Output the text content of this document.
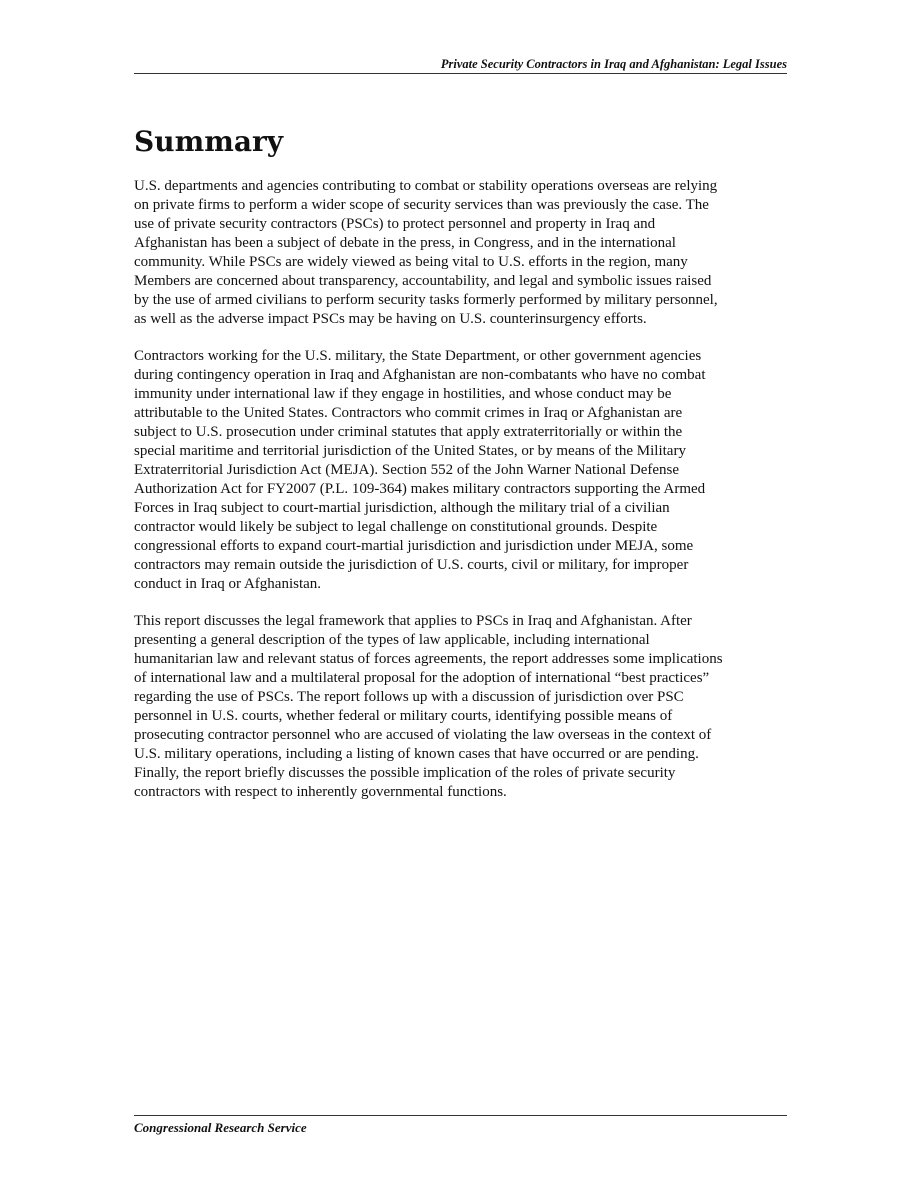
Private Security Contractors in Iraq and Afghanistan: Legal Issues
Summary

U.S. departments and agencies contributing to combat or stability operations overseas are relying
on private firms to perform a wider scope of security services than was previously the case. The
use of private security contractors (PSCs) to protect personnel and property in Iraq and
Afghanistan has been a subject of debate in the press, in Congress, and in the international
community. While PSCs are widely viewed as being vital to U.S. efforts in the region, many
Members are concerned about transparency, accountability, and legal and symbolic issues raised
by the use of armed civilians to perform security tasks formerly performed by military personnel,
as well as the adverse impact PSCs may be having on U.S. counterinsurgency efforts.

Contractors working for the U.S. military, the State Department, or other government agencies
during contingency operation in Iraq and Afghanistan are non-combatants who have no combat
immunity under international law if they engage in hostilities, and whose conduct may be
attributable to the United States. Contractors who commit crimes in Iraq or Afghanistan are
subject to U.S. prosecution under criminal statutes that apply extraterritorially or within the
special maritime and territorial jurisdiction of the United States, or by means of the Military
Extraterritorial Jurisdiction Act (MEJA). Section 552 of the John Warner National Defense
Authorization Act for FY2007 (P.L. 109-364) makes military contractors supporting the Armed
Forces in Iraq subject to court-martial jurisdiction, although the military trial of a civilian
contractor would likely be subject to legal challenge on constitutional grounds. Despite
congressional efforts to expand court-martial jurisdiction and jurisdiction under MEJA, some
contractors may remain outside the jurisdiction of U.S. courts, civil or military, for improper
conduct in Iraq or Afghanistan.

This report discusses the legal framework that applies to PSCs in Iraq and Afghanistan. After
presenting a general description of the types of law applicable, including international
humanitarian law and relevant status of forces agreements, the report addresses some implications
of international law and a multilateral proposal for the adoption of international “best practices”
regarding the use of PSCs. The report follows up with a discussion of jurisdiction over PSC
personnel in U.S. courts, whether federal or military courts, identifying possible means of
prosecuting contractor personnel who are accused of violating the law overseas in the context of
U.S. military operations, including a listing of known cases that have occurred or are pending.
Finally, the report briefly discusses the possible implication of the roles of private security
contractors with respect to inherently governmental functions.

Congressional Research Service
